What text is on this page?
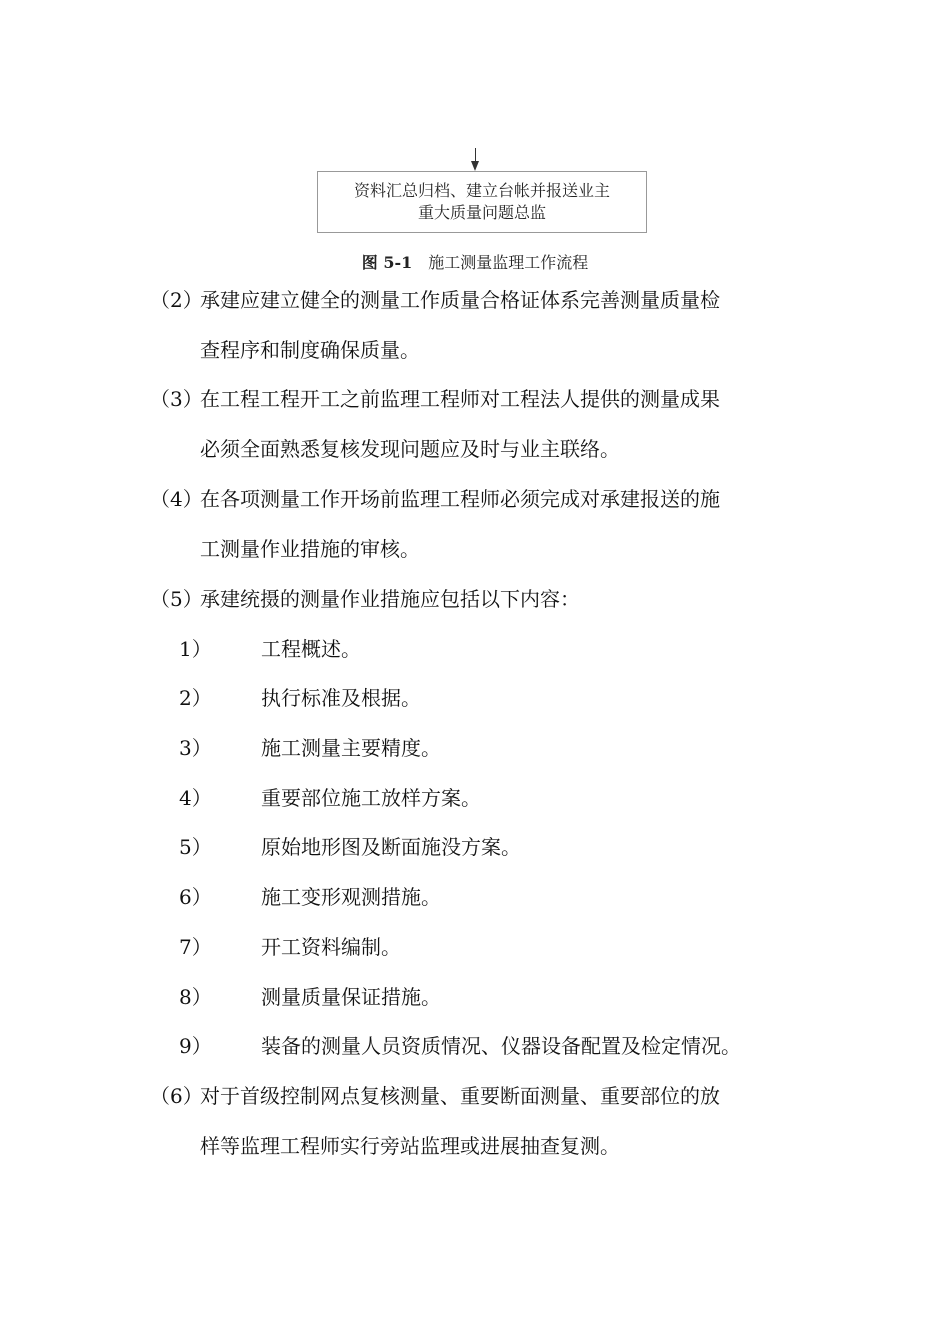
资料汇总归档、建立台帐并报送业主
重大质量问题总监
图 5-1 施工测量监理工作流程
（2）
承建应建立健全的测量工作质量合格证体系完善测量质量检
查程序和制度确保质量。
（3）
在工程工程开工之前监理工程师对工程法人提供的测量成果
必须全面熟悉复核发现问题应及时与业主联络。
（4）
在各项测量工作开场前监理工程师必须完成对承建报送的施
工测量作业措施的审核。
（5）
承建统摄的测量作业措施应包括以下内容：
1） 工程概述。
2） 执行标准及根据。
3） 施工测量主要精度。
4） 重要部位施工放样方案。
5） 原始地形图及断面施没方案。
6） 施工变形观测措施。
7） 开工资料编制。
8） 测量质量保证措施。
9） 装备的测量人员资质情况、仪器设备配置及检定情况。
（6）
对于首级控制网点复核测量、重要断面测量、重要部位的放
样等监理工程师实行旁站监理或进展抽查复测。
